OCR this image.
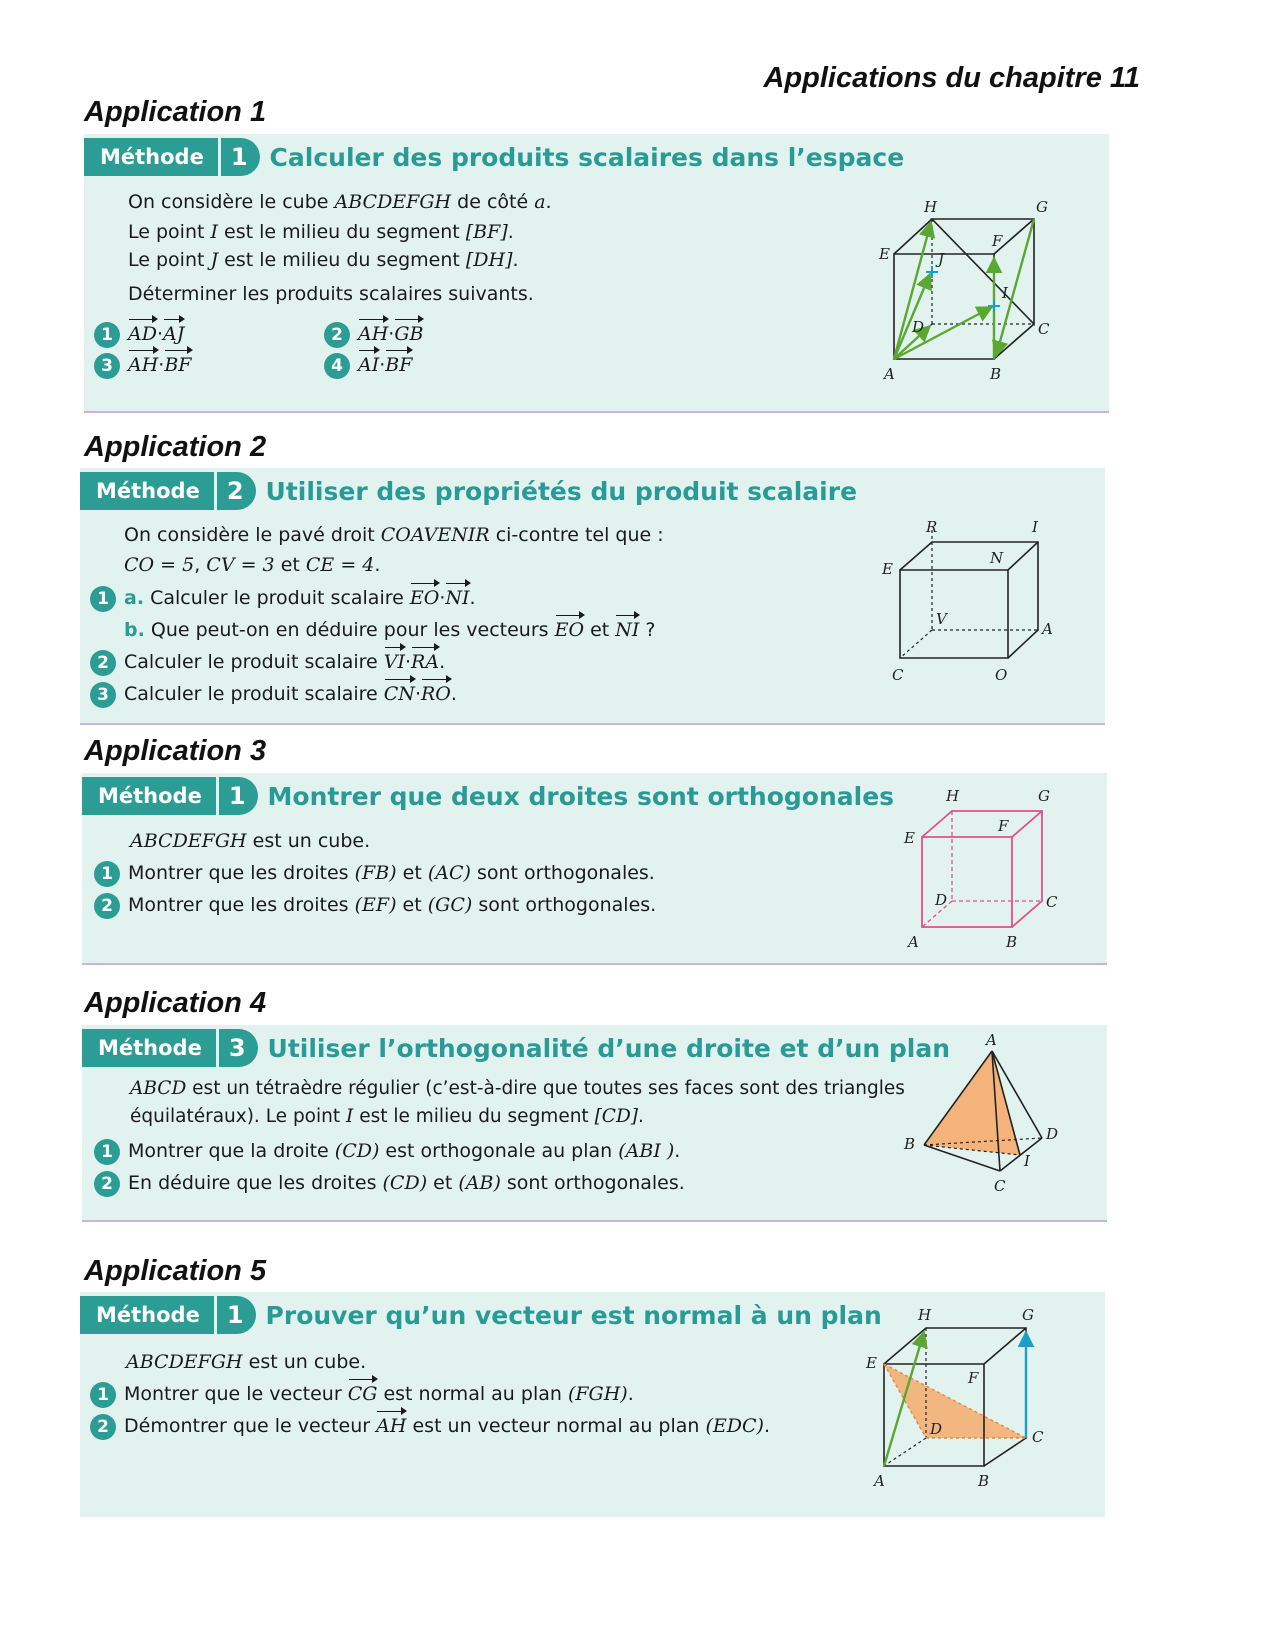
Applications du chapitre 11
Application 1
Méthode	1 Calculer des produits scalaires dans l’espace
On considère le cube ABCDEFGH de côté a.
Le point I est le milieu du segment [BF].
Le point J est le milieu du segment [DH].
Déterminer les produits scalaires suivants.
1 AD·AJ	2 AH·GB
3 AH·BF	4 AI·BF
H	G
E
F
J
I
D	C
A	B
Application 2
Méthode	2 Utiliser des propriétés du produit scalaire
On considère le pavé droit COAVENIR ci-contre tel que :
CO = 5, CV = 3 et CE = 4.
1 a. Calculer le produit scalaire EO·NI.
b. Que peut-on en déduire pour les vecteurs EO et NI ?
2 Calculer le produit scalaire VI·RA.
3 Calculer le produit scalaire CN·RO.
R	I
N
E
V
A
C	O
Application 3
Méthode	1 Montrer que deux droites sont orthogonales
ABCDEFGH est un cube.
1 Montrer que les droites (FB) et (AC) sont orthogonales.
2 Montrer que les droites (EF) et (GC) sont orthogonales.
H	G
E
F
D	C
A	B
Application 4
Méthode	3 Utiliser l’orthogonalité d’une droite et d’un plan
ABCD est un tétraèdre régulier (c’est-à-dire que toutes ses faces sont des triangles
équilatéraux). Le point I est le milieu du segment [CD].
1 Montrer que la droite (CD) est orthogonale au plan (ABI ).
2 En déduire que les droites (CD) et (AB) sont orthogonales.
A
B
D
I
C
Application 5
Méthode	1 Prouver qu’un vecteur est normal à un plan
ABCDEFGH est un cube.
1 Montrer que le vecteur CG est normal au plan (FGH).
2 Démontrer que le vecteur AH est un vecteur normal au plan (EDC).
H	G
E
F
D	C
A	B
